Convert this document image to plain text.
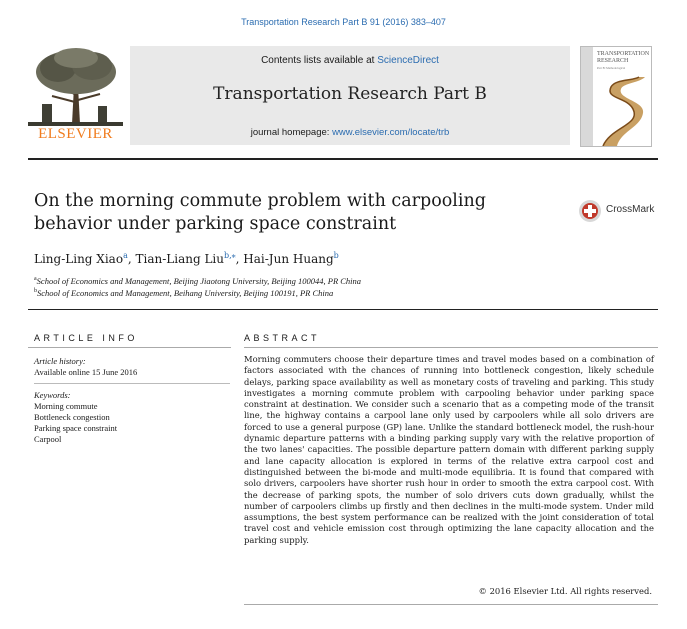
Transportation Research Part B 91 (2016) 383–407
ELSEVIER
Contents lists available at ScienceDirect
Transportation Research Part B
journal homepage: www.elsevier.com/locate/trb
TRANSPORTATION RESEARCH
Part B: Methodological
On the morning commute problem with carpooling behavior under parking space constraint
CrossMark
Ling-Ling Xiao$^a$, Tian-Liang Liu$^{b,⁎}$, Hai-Jun Huang$^b$
$^a$School of Economics and Management, Beijing Jiaotong University, Beijing 100044, PR China
$^b$School of Economics and Management, Beihang University, Beijing 100191, PR China
ARTICLE INFO	ABSTRACT
Article history:
Available online 15 June 2016
Keywords:
Morning commute
Bottleneck congestion
Parking space constraint
Carpool
Morning commuters choose their departure times and travel modes based on a combination of factors associated with the chances of running into bottleneck congestion, likely schedule delays, parking space availability as well as monetary costs of traveling and parking. This study investigates a morning commute problem with carpooling behavior under parking space constraint at destination. We consider such a scenario that as a competing mode of the transit line, the highway contains a carpool lane only used by carpoolers while all solo drivers are forced to use a general purpose (GP) lane. Unlike the standard bottleneck model, the rush-hour dynamic departure patterns with a binding parking supply vary with the relative proportion of the two lanes' capacities. The possible departure pattern domain with different parking supply and lane capacity allocation is explored in terms of the relative extra carpool cost and distinguished between the bi-mode and multi-mode equilibria. It is found that compared with solo drivers, carpoolers have shorter rush hour in order to smooth the extra carpool cost. With the decrease of parking spots, the number of solo drivers cuts down gradually, whilst the number of carpoolers climbs up firstly and then declines in the multi-mode system. Under mild assumptions, the best system performance can be realized with the joint consideration of total travel cost and vehicle emission cost through optimizing the lane capacity allocation and the parking supply.
© 2016 Elsevier Ltd. All rights reserved.
